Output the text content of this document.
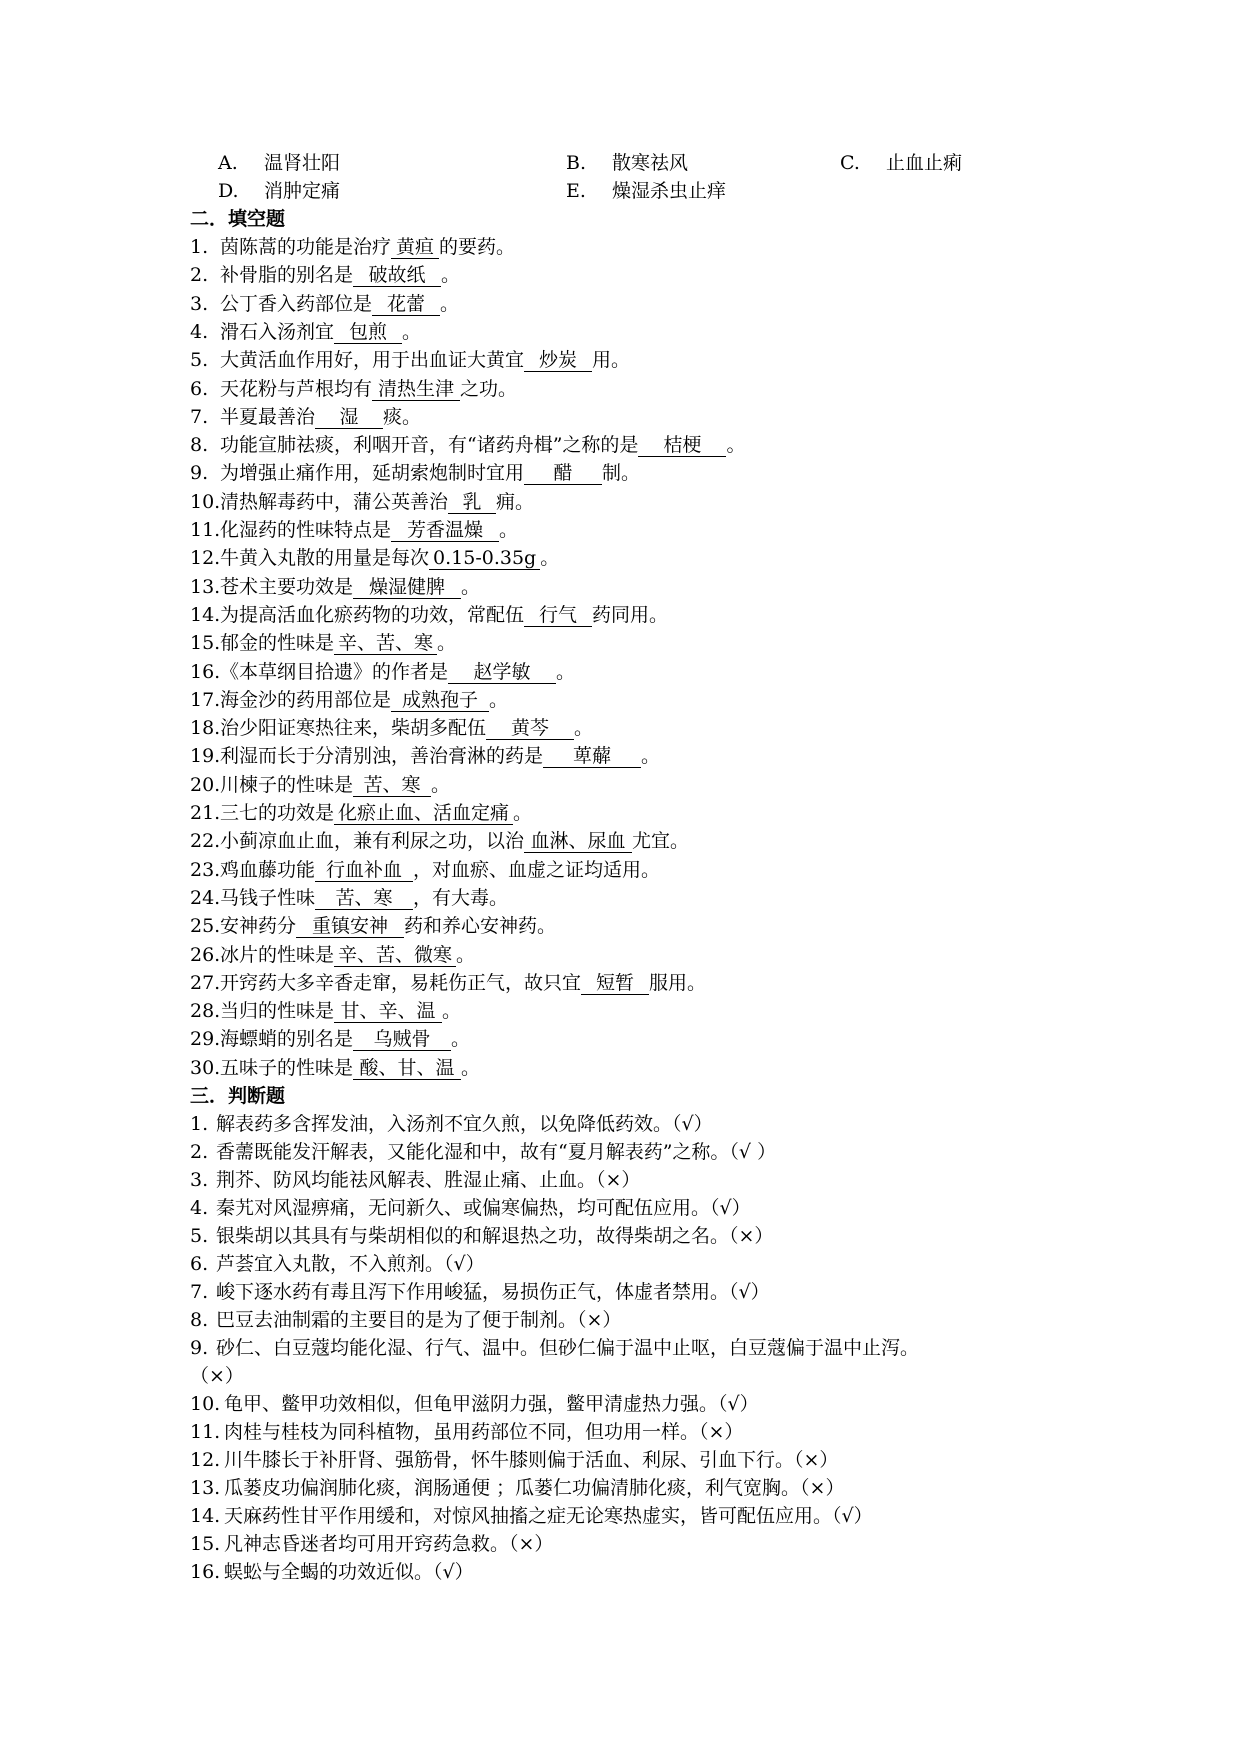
A. 温肾壮阳	B. 散寒祛风	C. 止血止痢
D. 消肿定痛	E. 燥湿杀虫止痒
二．填空题
1. 茵陈蒿的功能是治疗 黄疸 的要药。
2. 补骨脂的别名是 破故纸 。
3. 公丁香入药部位是 花蕾 。
4. 滑石入汤剂宜 包煎 。
5. 大黄活血作用好，用于出血证大黄宜 炒炭 用。
6. 天花粉与芦根均有 清热生津 之功。
7. 半夏最善治 湿 痰。
8. 功能宣肺祛痰，利咽开音，有“诸药舟楫”之称的是 桔梗 。
9. 为增强止痛作用，延胡索炮制时宜用 醋 制。
10.清热解毒药中，蒲公英善治 乳 痈。
11.化湿药的性味特点是 芳香温燥 。
12.牛黄入丸散的用量是每次 0.15-0.35g 。
13.苍术主要功效是 燥湿健脾 。
14.为提高活血化瘀药物的功效，常配伍 行气 药同用。
15.郁金的性味是 辛、苦、寒 。
16.《本草纲目拾遗》的作者是 赵学敏 。
17.海金沙的药用部位是 成熟孢子 。
18.治少阳证寒热往来，柴胡多配伍 黄芩 。
19.利湿而长于分清别浊，善治膏淋的药是 萆薢 。
20.川楝子的性味是 苦、寒 。
21.三七的功效是 化瘀止血、活血定痛 。
22.小蓟凉血止血，兼有利尿之功，以治 血淋、尿血 尤宜。
23.鸡血藤功能 行血补血 ，对血瘀、血虚之证均适用。
24.马钱子性味 苦、寒 ，有大毒。
25.安神药分 重镇安神 药和养心安神药。
26.冰片的性味是 辛、苦、微寒 。
27.开窍药大多辛香走窜，易耗伤正气，故只宜 短暂 服用。
28.当归的性味是 甘、辛、温 。
29.海螵蛸的别名是 乌贼骨 。
30.五味子的性味是 酸、甘、温 。
三．判断题
1. 解表药多含挥发油，入汤剂不宜久煎，以免降低药效。（√）
2. 香薷既能发汗解表，又能化湿和中，故有“夏月解表药”之称。（√ ）
3. 荆芥、防风均能祛风解表、胜湿止痛、止血。（×）
4. 秦艽对风湿痹痛，无问新久、或偏寒偏热，均可配伍应用。（√）
5. 银柴胡以其具有与柴胡相似的和解退热之功，故得柴胡之名。（×）
6. 芦荟宜入丸散，不入煎剂。（√）
7. 峻下逐水药有毒且泻下作用峻猛，易损伤正气，体虚者禁用。（√）
8. 巴豆去油制霜的主要目的是为了便于制剂。（×）
9. 砂仁、白豆蔻均能化湿、行气、温中。但砂仁偏于温中止呕，白豆蔻偏于温中止泻。
（×）
10. 龟甲、鳖甲功效相似，但龟甲滋阴力强，鳖甲清虚热力强。（√）
11. 肉桂与桂枝为同科植物，虽用药部位不同，但功用一样。（×）
12. 川牛膝长于补肝肾、强筋骨，怀牛膝则偏于活血、利尿、引血下行。（×）
13. 瓜蒌皮功偏润肺化痰，润肠通便 ；瓜蒌仁功偏清肺化痰，利气宽胸。（×）
14. 天麻药性甘平作用缓和，对惊风抽搐之症无论寒热虚实，皆可配伍应用。（√）
15. 凡神志昏迷者均可用开窍药急救。（×）
16. 蜈蚣与全蝎的功效近似。（√）
